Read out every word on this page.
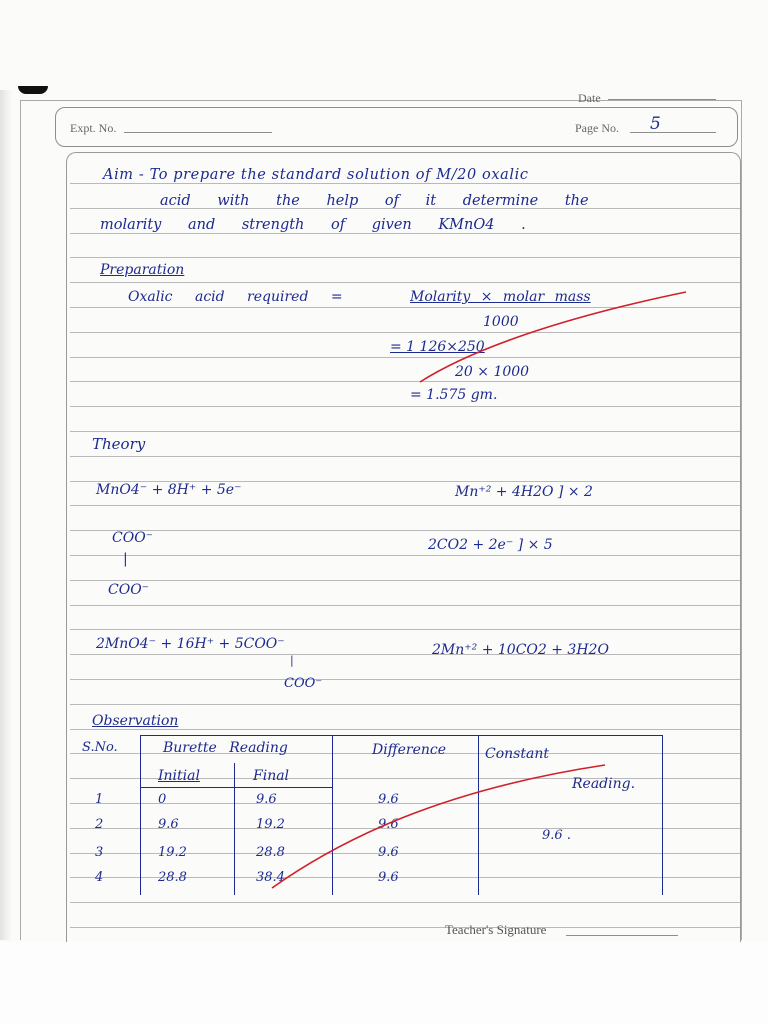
Date
Expt. No.	Page No. 5
Aim - To prepare the standard solution of M/20 oxalic
acid with the help of it determine the
molarity and strength of given KMnO4 .
Preparation
Oxalic acid required =	Molarity × molar mass
1000
= 1 126×250
20 × 1000
= 1.575 gm.
Theory
MnO4⁻ + 8H⁺ + 5e⁻	Mn⁺² + 4H2O ] × 2
COO⁻
|
COO⁻
2CO2 + 2e⁻ ] × 5
2MnO4⁻ + 16H⁺ + 5COO⁻
|
COO⁻
2Mn⁺² + 10CO2 + 3H2O
Observation
S.No.	Burette Reading
Initial	Final
Difference	Constant
Reading.
1	0	9.6	9.6
2	9.6	19.2	9.6
3	19.2	28.8	9.6
4	28.8	38.4	9.6
9.6 .
Teacher's Signature
